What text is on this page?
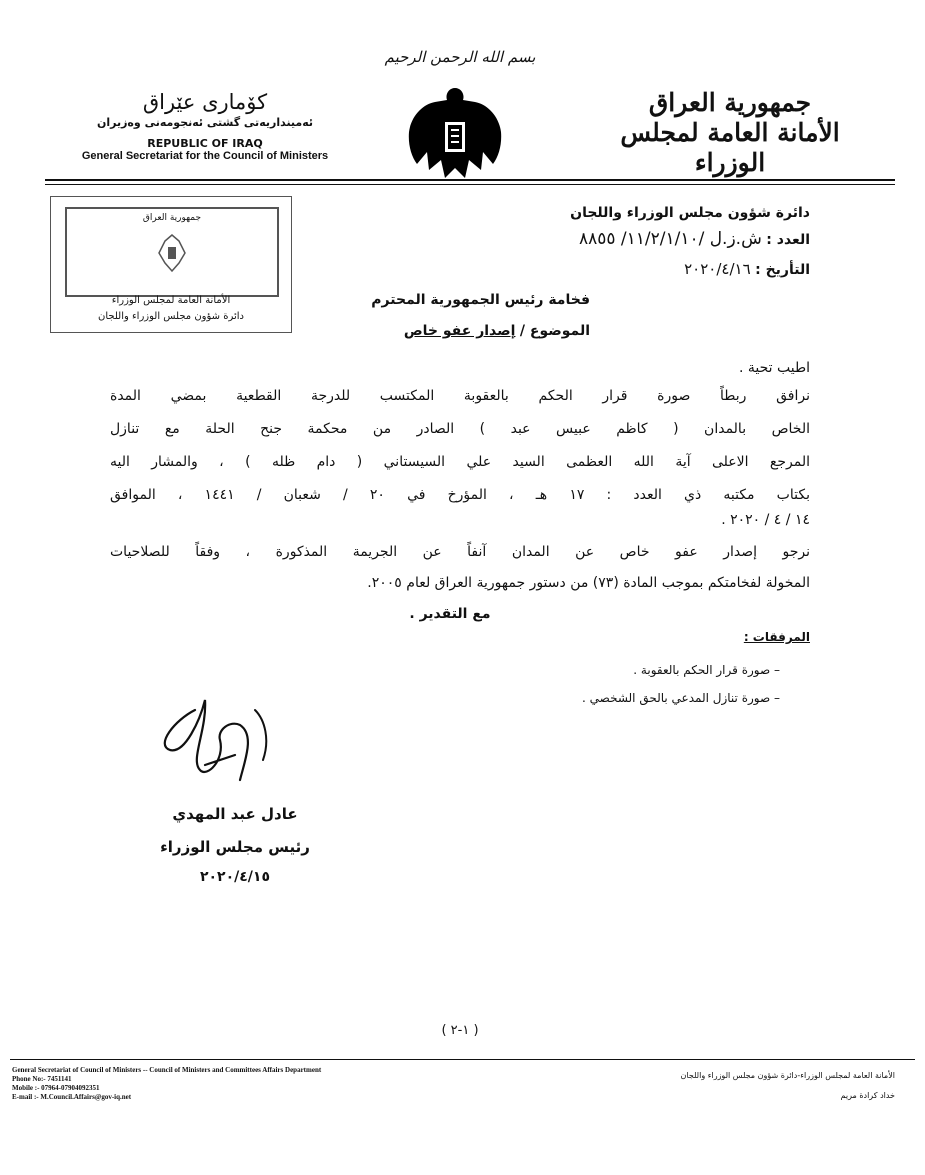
بسم الله الرحمن الرحيم
جمهورية العراق
الأمانة العامة لمجلس الوزراء
كۆماری عێراق
ئه‌مینداریه‌تی گشتی ئه‌نجومه‌نی وه‌زیران
REPUBLIC OF IRAQ
General Secretariat for the Council of Ministers
جمهورية العراق
الأمانة العامة لمجلس الوزراء
دائرة شؤون مجلس الوزراء واللجان
دائرة شؤون مجلس الوزراء واللجان
العدد : ش.ز.ل /١١/٢/١/١٠/ ٨٨٥٥
التأريخ : ٢٠٢٠/٤/١٦
فخامة رئيس الجمهورية المحترم
الموضوع / إصدار عفو خاص
اطيب تحية .
نرافق ربطاً صورة قرار الحكم بالعقوبة المكتسب للدرجة القطعية بمضي المدة
الخاص بالمدان ( كاظم عبيس عبد ) الصادر من محكمة جنح الحلة مع تنازل
المرجع الاعلى آية الله العظمى السيد علي السيستاني ( دام ظله ) ، والمشار اليه
بكتاب مكتبه ذي العدد : ١٧ هـ ، المؤرخ في ٢٠ / شعبان / ١٤٤١ ، الموافق
١٤ / ٤ / ٢٠٢٠ .
نرجو إصدار عفو خاص عن المدان آنفاً عن الجريمة المذكورة ، وفقاً للصلاحيات
المخولة لفخامتكم بموجب المادة (٧٣) من دستور جمهورية العراق لعام ٢٠٠٥.
مع التقدير .
المرفقات :
– صورة قرار الحكم بالعقوبة .
– صورة تنازل المدعي بالحق الشخصي .
عادل عبد المهدي
رئيس مجلس الوزراء
٢٠٢٠/٤/١٥
( ١-٢ )
General Secretariat of Council of Ministers -- Council of Ministers and Committees Affairs Department
Phone No:- 7451141
Mobile :- 07964-07904092351
E-mail :- M.Council.Affairs@gov-iq.net
الأمانة العامة لمجلس الوزراء-دائرة شؤون مجلس الوزراء واللجان
خداد كرادة مريم
